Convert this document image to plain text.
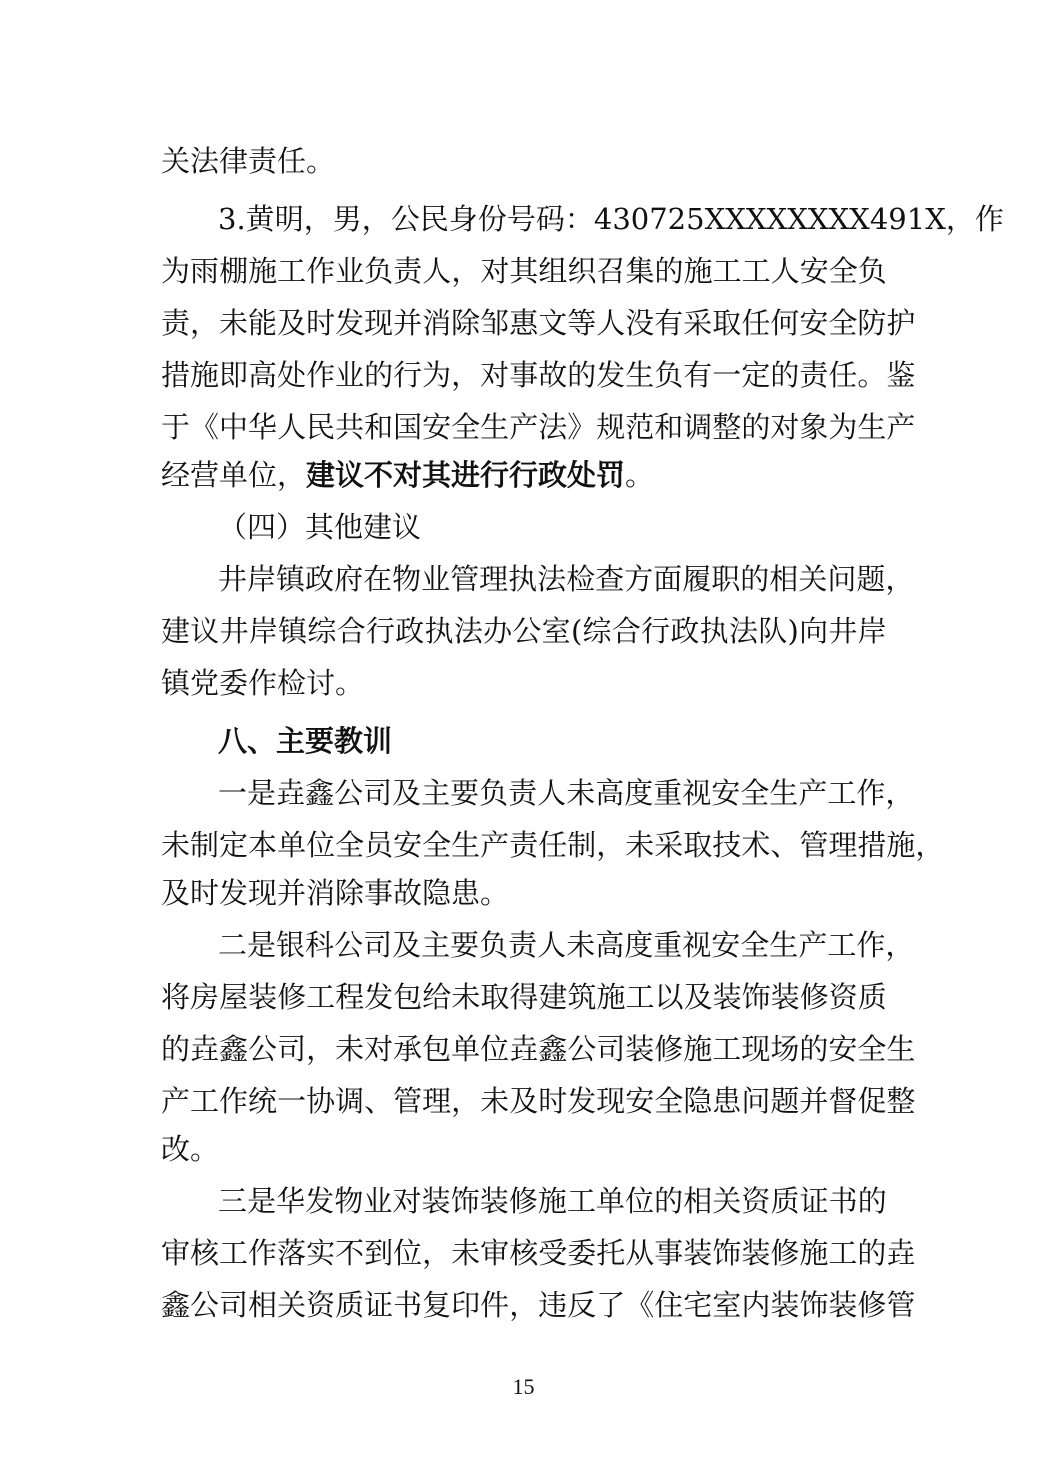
关法律责任。
3 . 黄 明 ， 男 ， 公 民 身 份 号 码 ： 4 3 0 7 2 5 X X X X X X X X 4 9 1 X ， 作
为 雨 棚 施 工 作 业 负 责 人 ， 对 其 组 织 召 集 的 施 工 工 人 安 全 负
责 ， 未 能 及 时 发 现 并 消 除 邹 惠 文 等 人 没 有 采 取 任 何 安 全 防 护
措 施 即 高 处 作 业 的 行 为 ， 对 事 故 的 发 生 负 有 一 定 的 责 任 。 鉴
于 《 中 华 人 民 共 和 国 安 全 生 产 法 》 规 范 和 调 整 的 对 象 为 生 产
经营单位，建议不对其进行行政处罚。
（四）其他建议
井 岸 镇 政 府 在 物 业 管 理 执 法 检 查 方 面 履 职 的 相 关 问 题 ，
建 议 井 岸 镇 综 合 行 政 执 法 办 公 室 ( 综 合 行 政 执 法 队 ) 向 井 岸
镇党委作检讨。
八、主要教训
一 是 垚 鑫 公 司 及 主 要 负 责 人 未 高 度 重 视 安 全 生 产 工 作 ，
未 制 定 本 单 位 全 员 安 全 生 产 责 任 制 ， 未 采 取 技 术 、 管 理 措 施 ，
及时发现并消除事故隐患。
二 是 银 科 公 司 及 主 要 负 责 人 未 高 度 重 视 安 全 生 产 工 作 ，
将 房 屋 装 修 工 程 发 包 给 未 取 得 建 筑 施 工 以 及 装 饰 装 修 资 质
的 垚 鑫 公 司 ， 未 对 承 包 单 位 垚 鑫 公 司 装 修 施 工 现 场 的 安 全 生
产 工 作 统 一 协 调 、 管 理 ， 未 及 时 发 现 安 全 隐 患 问 题 并 督 促 整
改。
三 是 华 发 物 业 对 装 饰 装 修 施 工 单 位 的 相 关 资 质 证 书 的
审 核 工 作 落 实 不 到 位 ， 未 审 核 受 委 托 从 事 装 饰 装 修 施 工 的 垚
鑫 公 司 相 关 资 质 证 书 复 印 件 ， 违 反 了 《 住 宅 室 内 装 饰 装 修 管
15
